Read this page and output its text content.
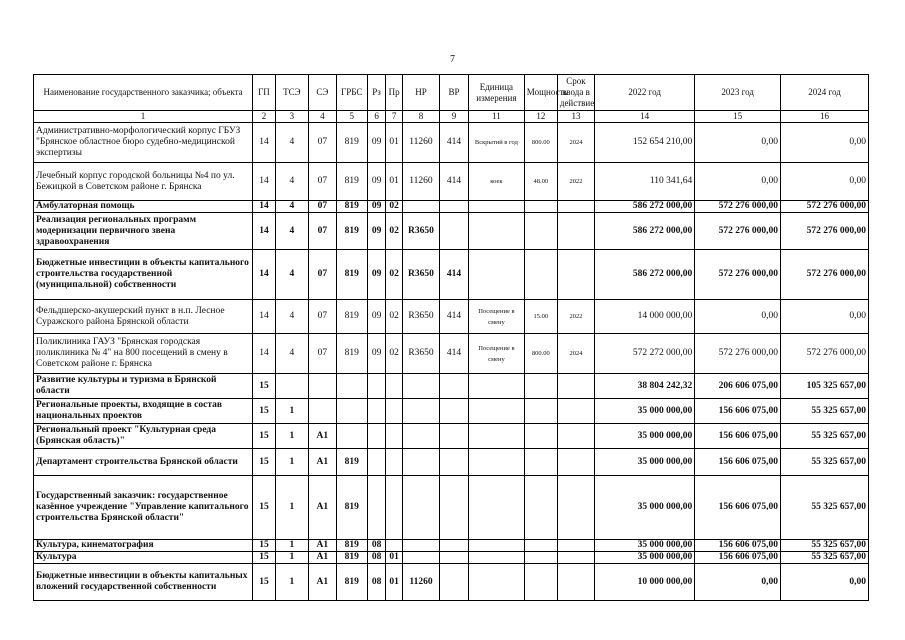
7
Наименование государственного заказчика; объекта	ГП	ТСЭ	СЭ	ГРБС	Рз	Пр	НР	ВР	Единица измерения	Мощность	Срок ввода в действие	2022 год	2023 год	2024 год
1	2	3	4	5	6	7	8	9	11	12	13	14	15	16
Административно-морфологический корпус ГБУЗ "Брянское областное бюро судебно-медицинской экспертизы	14	4	07	819	09	01	11260	414	Вскрытий в год	800.00	2024	152 654 210,00	0,00	0,00
Лечебный корпус городской больницы №4 по ул. Бежицкой в Советском районе г. Брянска	14	4	07	819	09	01	11260	414	коек	48.00	2022	110 341,64	0,00	0,00
Амбулаторная помощь	14	4	07	819	09	02						586 272 000,00	572 276 000,00	572 276 000,00
Реализация региональных программ модернизации первичного звена здравоохранения	14	4	07	819	09	02	R3650					586 272 000,00	572 276 000,00	572 276 000,00
Бюджетные инвестиции в объекты капитального строительства государственной (муниципальной) собственности	14	4	07	819	09	02	R3650	414				586 272 000,00	572 276 000,00	572 276 000,00
Фельдшерско-акушерский пункт в н.п. Лесное Суражского района Брянской области	14	4	07	819	09	02	R3650	414	Посещение в смену	15.00	2022	14 000 000,00	0,00	0,00
Поликлиника ГАУЗ "Брянская городская поликлиника № 4" на 800 посещений в смену в Советском районе г. Брянска	14	4	07	819	09	02	R3650	414	Посещение в смену	800.00	2024	572 272 000,00	572 276 000,00	572 276 000,00
Развитие культуры и туризма в Брянской области	15											38 804 242,32	206 606 075,00	105 325 657,00
Региональные проекты, входящие в состав национальных проектов	15	1										35 000 000,00	156 606 075,00	55 325 657,00
Региональный проект "Культурная среда (Брянская область)"	15	1	A1									35 000 000,00	156 606 075,00	55 325 657,00
Департамент строительства Брянской области	15	1	A1	819								35 000 000,00	156 606 075,00	55 325 657,00
Государственный заказчик: государственное казённое учреждение "Управление капитального строительства Брянской области"	15	1	A1	819								35 000 000,00	156 606 075,00	55 325 657,00
Культура, кинематография	15	1	A1	819	08							35 000 000,00	156 606 075,00	55 325 657,00
Культура	15	1	A1	819	08	01						35 000 000,00	156 606 075,00	55 325 657,00
Бюджетные инвестиции в объекты капитальных вложений государственной собственности	15	1	A1	819	08	01	11260					10 000 000,00	0,00	0,00
